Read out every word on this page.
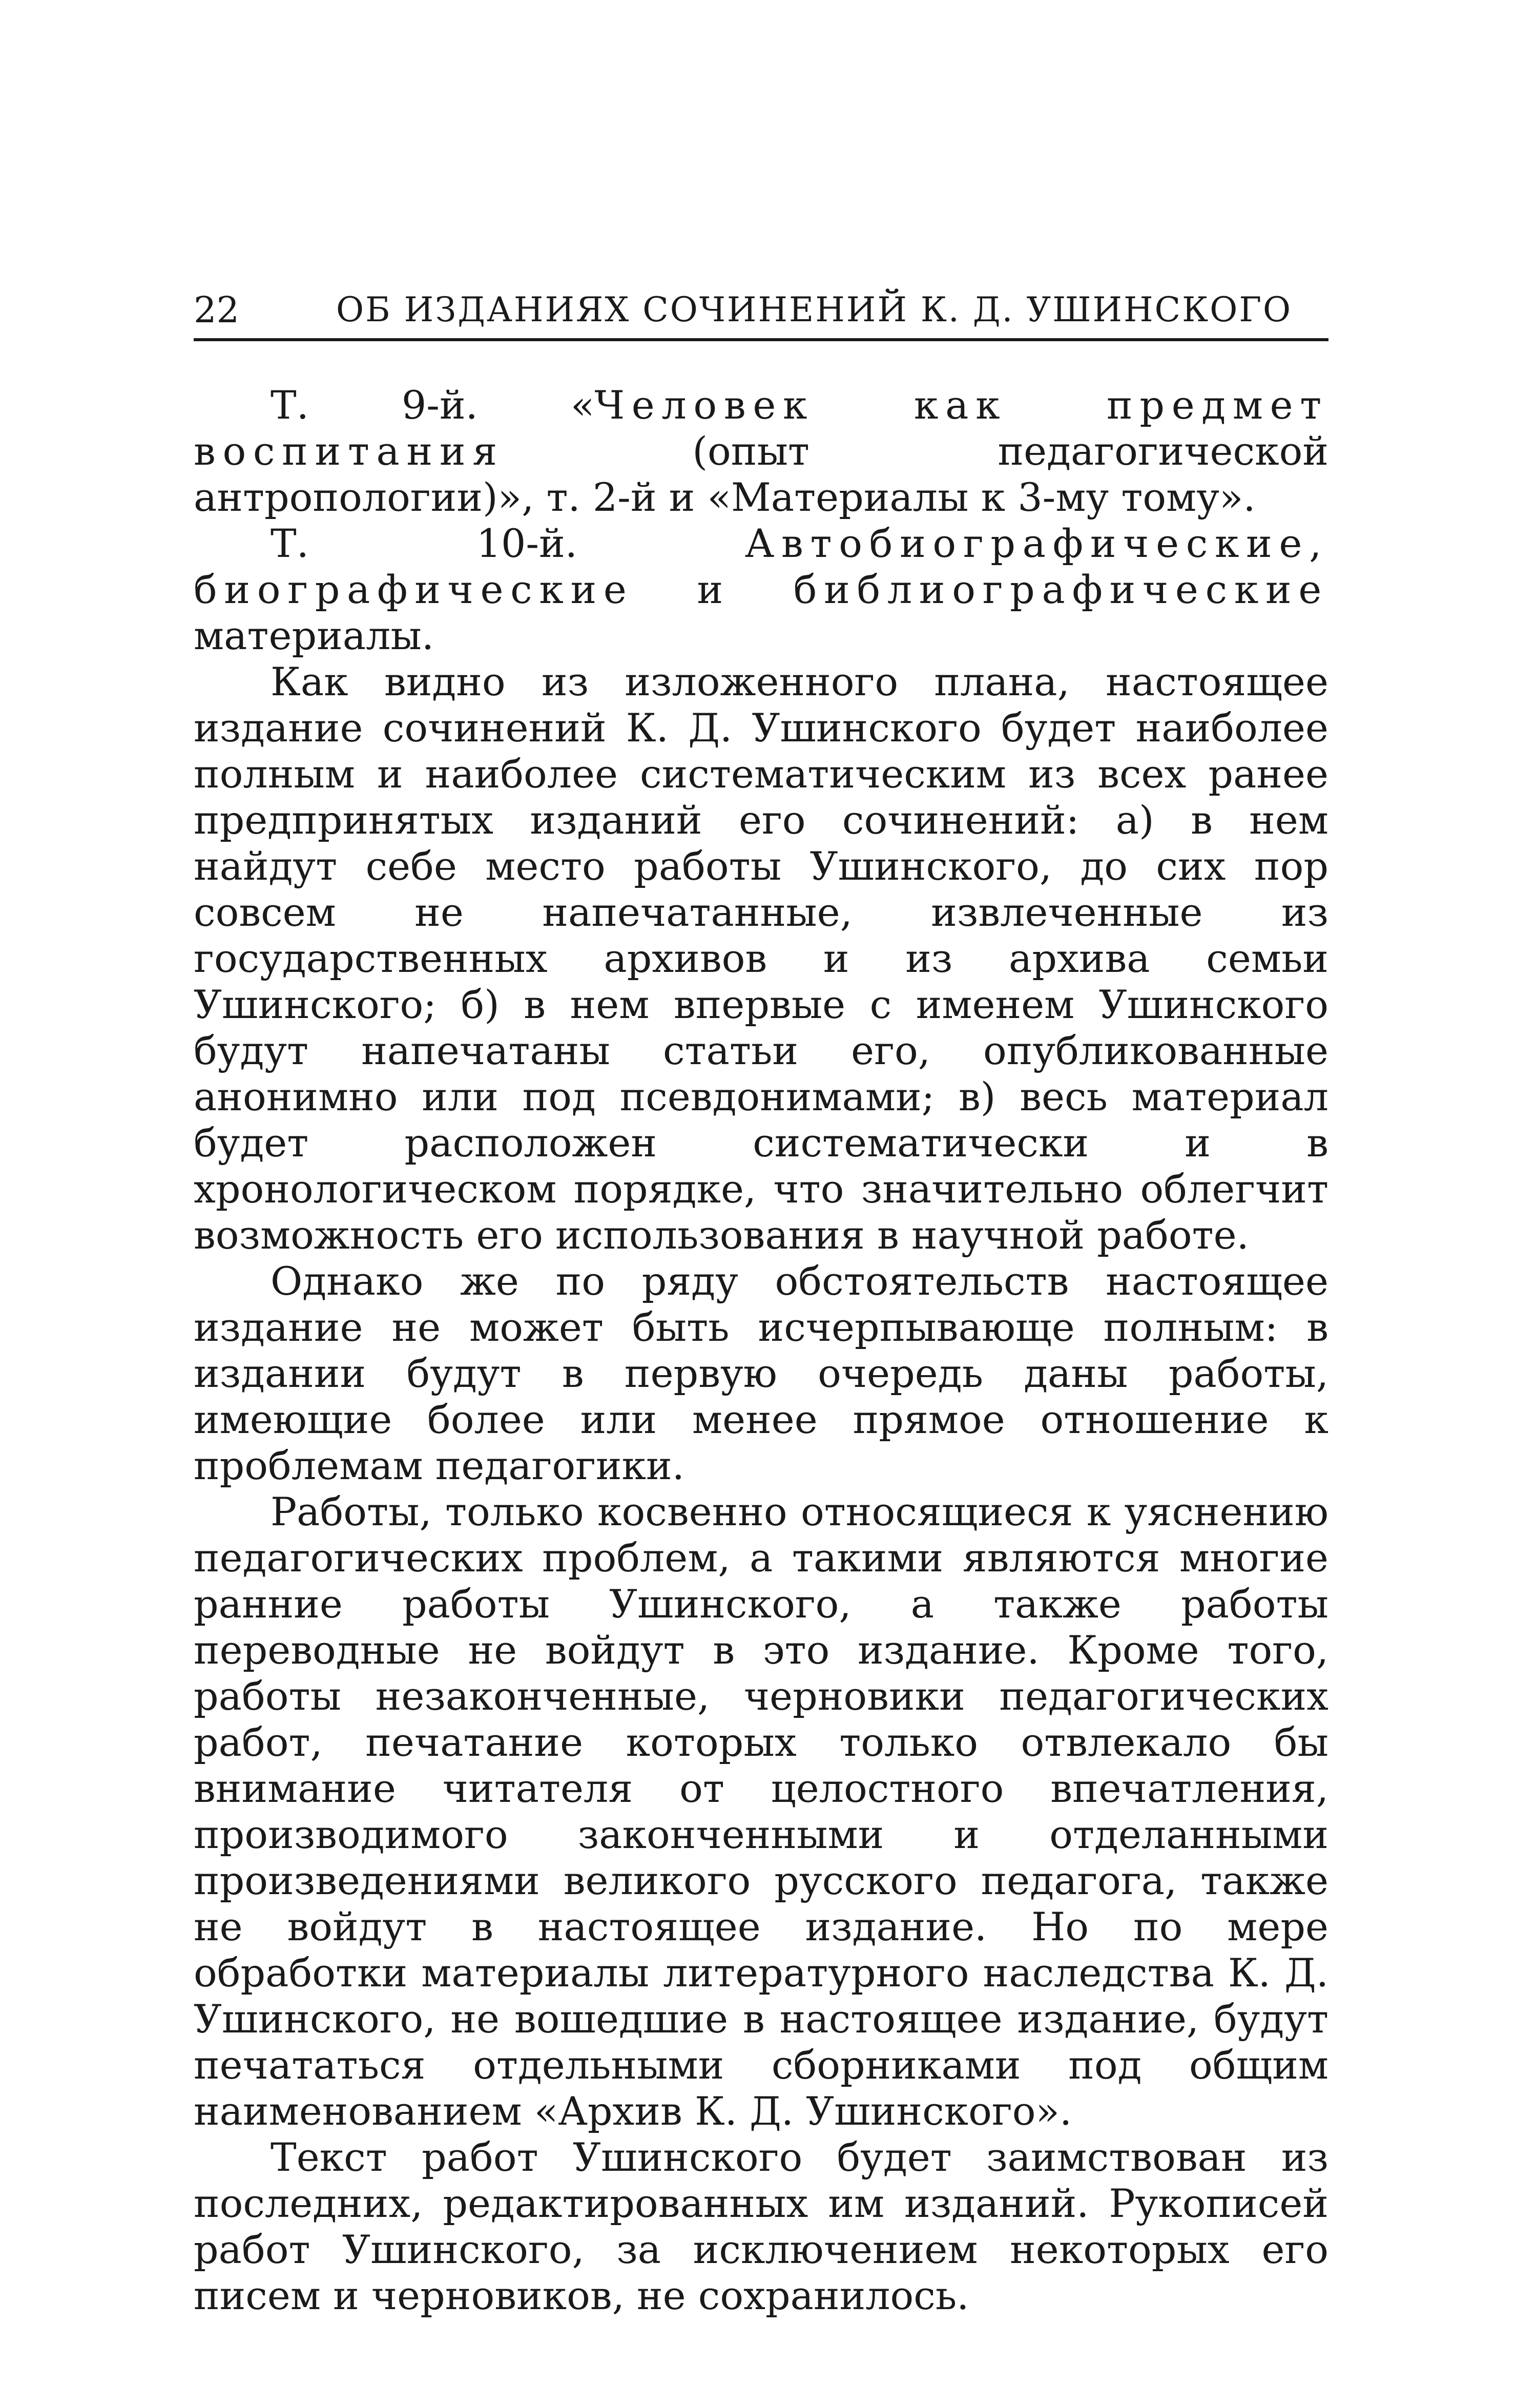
22	ОБ ИЗДАНИЯХ СОЧИНЕНИЙ К. Д. УШИНСКОГО

Т. 9-й. «Человек как предмет воспитания (опыт педагогической антропологии)», т. 2-й и «Материалы к 3-му тому».

Т. 10-й. Автобиографические, биографические и библиографические материалы.

Как видно из изложенного плана, настоящее издание сочинений К. Д. Ушинского будет наиболее полным и наиболее систематическим из всех ранее предпринятых изданий его сочинений: а) в нем найдут себе место работы Ушинского, до сих пор совсем не напечатанные, извлеченные из государственных архивов и из архива семьи Ушинского; б) в нем впервые с именем Ушинского будут напечатаны статьи его, опубликованные анонимно или под псевдонимами; в) весь материал будет расположен систематически и в хронологическом порядке, что значительно облегчит возможность его использования в научной работе.

Однако же по ряду обстоятельств настоящее издание не может быть исчерпывающе полным: в издании будут в первую очередь даны работы, имеющие более или менее прямое отношение к проблемам педагогики.

Работы, только косвенно относящиеся к уяснению педагогических проблем, а такими являются многие ранние работы Ушинского, а также работы переводные не войдут в это издание. Кроме того, работы незаконченные, черновики педагогических работ, печатание которых только отвлекало бы внимание читателя от целостного впечатления, производимого законченными и отделанными произведениями великого русского педагога, также не войдут в настоящее издание. Но по мере обработки материалы литературного наследства К. Д. Ушинского, не вошедшие в настоящее издание, будут печататься отдельными сборниками под общим наименованием «Архив К. Д. Ушинского».

Текст работ Ушинского будет заимствован из последних, редактированных им изданий. Рукописей работ Ушинского, за исключением некоторых его писем и черновиков, не сохранилось.
